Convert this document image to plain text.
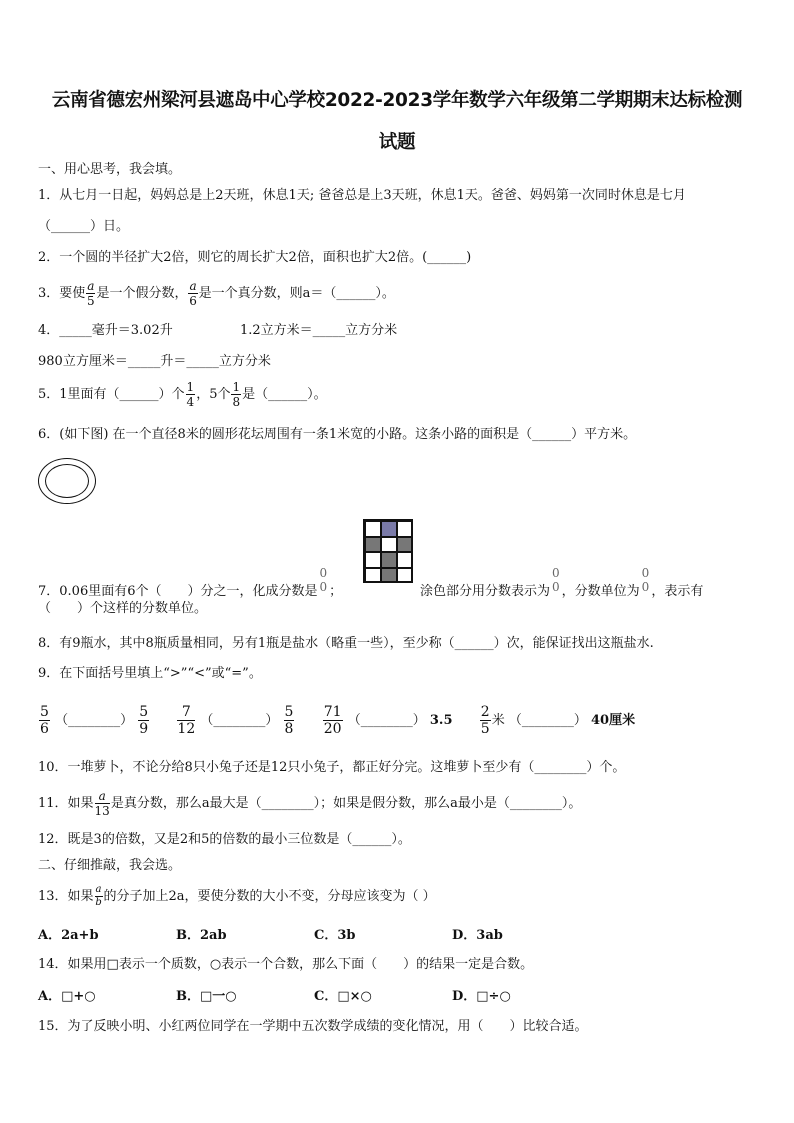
云南省德宏州梁河县遮岛中心学校2022-2023学年数学六年级第二学期期末达标检测
试题
一、用心思考，我会填。
1．从七月一日起，妈妈总是上2天班，休息1天; 爸爸总是上3天班，休息1天。爸爸、妈妈第一次同时休息是七月
（______）日。
2．一个圆的半径扩大2倍，则它的周长扩大2倍，面积也扩大2倍。(______)
3．要使 $\frac{a}{5}$ 是一个假分数， $\frac{a}{6}$ 是一个真分数，则a＝（______）。
4．_____毫升＝3.02升	1.2立方米＝_____立方分米
980立方厘米＝_____升＝_____立方分米
5．1里面有（______）个 $\frac{1}{4}$ ，5个 $\frac{1}{8}$ 是（______）。
6．(如下图) 在一个直径8米的圆形花坛周围有一条1米宽的小路。这条小路的面积是（______）平方米。
7．0.06里面有6个（　　）分之一，化成分数是
0
0 ；	涂色部分用分数表示为
0
0 ，分数单位为
0
0 ，表示有
（　　）个这样的分数单位。
8．有9瓶水，其中8瓶质量相同，另有1瓶是盐水（略重一些），至少称（______）次，能保证找出这瓶盐水.
9．在下面括号里填上“>”“<”或“=”。
$\frac{5}{6}$ （________） $\frac{5}{9}$
$\frac{7}{12}$ （________） $\frac{5}{8}$
$\frac{71}{20}$ （________） $3.5 \frac{2}{5}$ 米 （________） 40厘米
10．一堆萝卜，不论分给8只小兔子还是12只小兔子，都正好分完。这堆萝卜至少有（________）个。
11．如果 $\frac{a}{13}$ 是真分数，那么a最大是（________）；如果是假分数，那么a最小是（________）。
12．既是3的倍数，又是2和5的倍数的最小三位数是（______）。
二、仔细推敲，我会选。
13．如果 $\frac{a}{b}$ 的分子加上2a，要使分数的大小不变，分母应该变为（ ）
A．2a+b	B．2ab	C．3b	D．3ab
14．如果用□表示一个质数，○表示一个合数，那么下面（　　）的结果一定是合数。
A．□+○	B．□一○	C．□×○	D．□÷○
15．为了反映小明、小红两位同学在一学期中五次数学成绩的变化情况，用（　　）比较合适。
